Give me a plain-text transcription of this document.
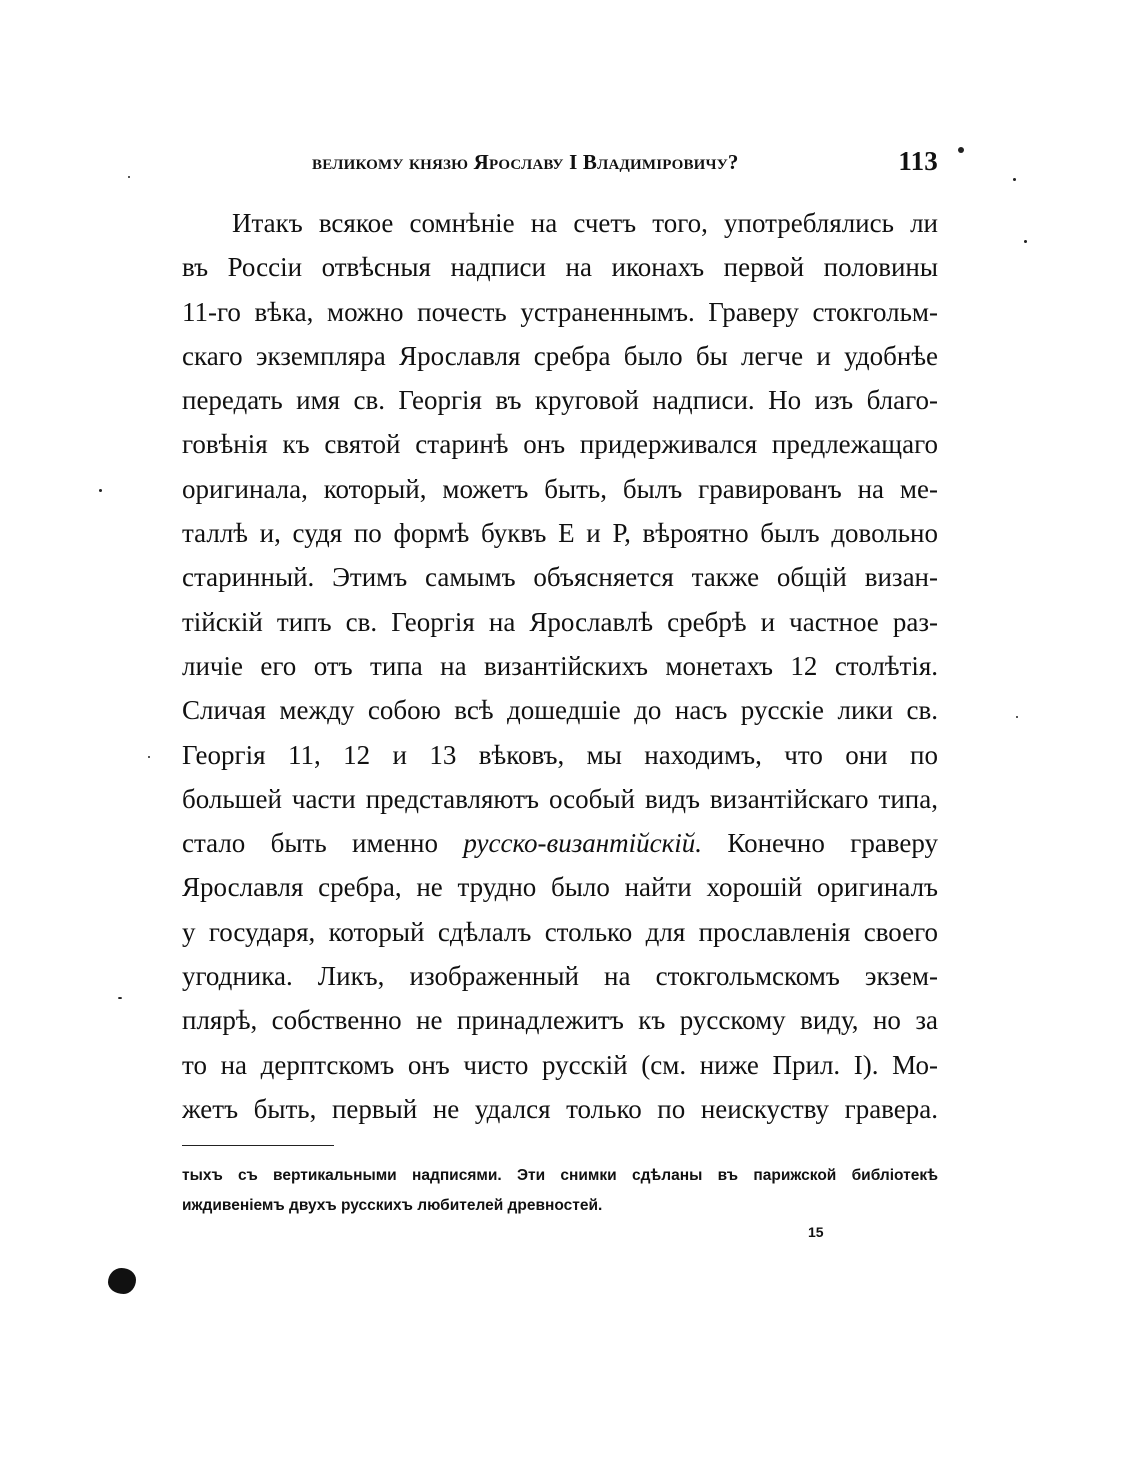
великому князю Ярославу I Владиміровичу?	113
Итакъ всякое сомнѣніе на счетъ того, употреблялись ли
въ Россіи отвѣсныя надписи на иконахъ первой половины
11-го вѣка, можно почесть устраненнымъ. Граверу стокгольм-
скаго экземпляра Ярославля сребра было бы легче и удобнѣе
передать имя св. Георгія въ круговой надписи. Но изъ благо-
говѣнія къ святой старинѣ онъ придерживался предлежащаго
оригинала, который, можетъ быть, былъ гравированъ на ме-
таллѣ и, судя по формѣ буквъ Е и Р, вѣроятно былъ довольно
старинный. Этимъ самымъ объясняется также общій визан-
тійскій типъ св. Георгія на Ярославлѣ сребрѣ и частное раз-
личіе его отъ типа на византійскихъ монетахъ 12 столѣтія.
Сличая между собою всѣ дошедшіе до насъ русскіе лики св.
Георгія 11, 12 и 13 вѣковъ, мы находимъ, что они по
большей части представляютъ особый видъ византійскаго типа,
стало быть именно русско-византійскій. Конечно граверу
Ярославля сребра, не трудно было найти хорошій оригиналъ
у государя, который сдѣлалъ столько для прославленія своего
угодника. Ликъ, изображенный на стокгольмскомъ экзем-
плярѣ, собственно не принадлежитъ къ русскому виду, но за
то на дерптскомъ онъ чисто русскій (см. ниже Прил. I). Мо-
жетъ быть, первый не удался только по неискуству гравера.
тыхъ съ вертикальными надписями. Эти снимки сдѣланы въ парижской библіотекѣ
иждивеніемъ двухъ русскихъ любителей древностей.
15
